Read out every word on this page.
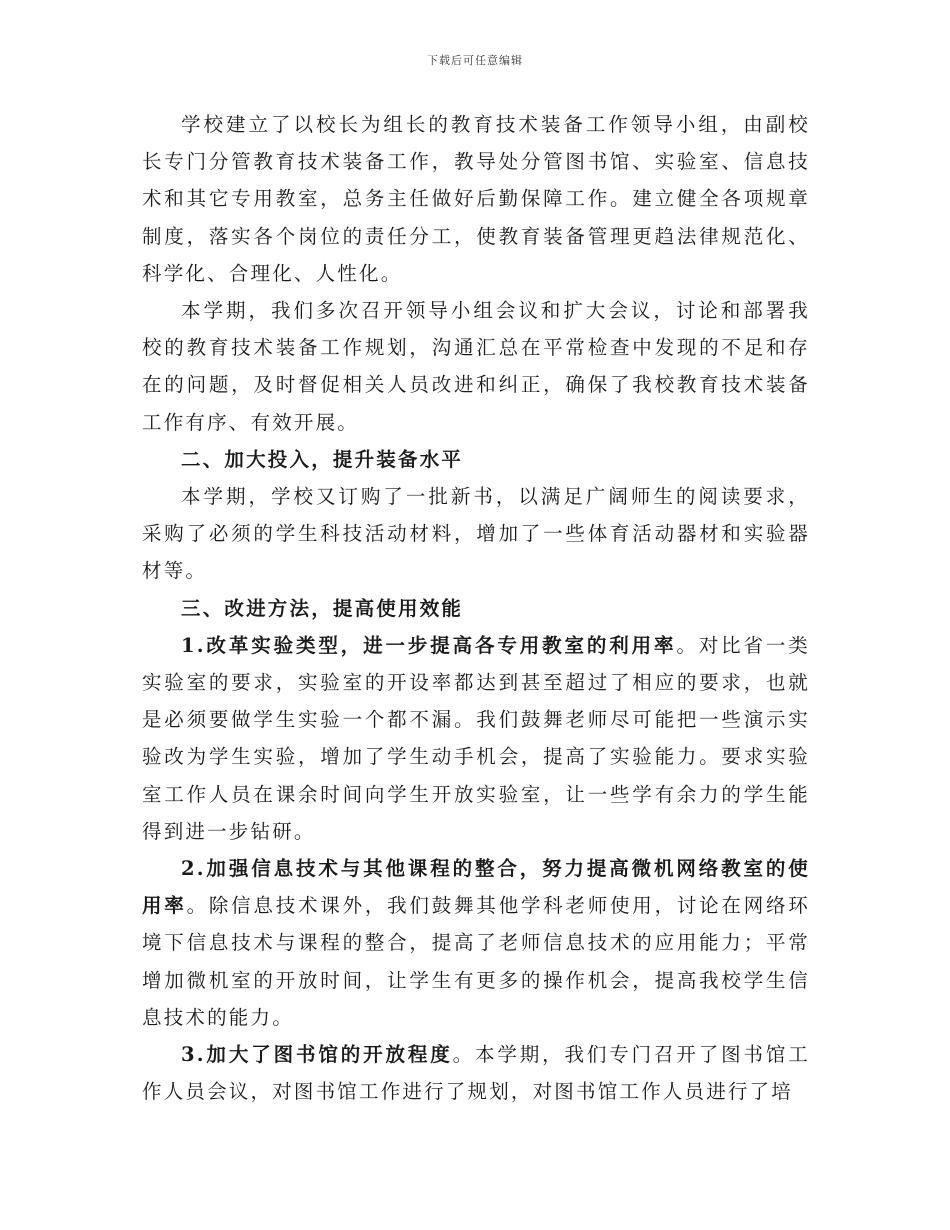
下载后可任意编辑

学校建立了以校长为组长的教育技术装备工作领导小组，由副校长专门分管教育技术装备工作，教导处分管图书馆、实验室、信息技术和其它专用教室，总务主任做好后勤保障工作。建立健全各项规章制度，落实各个岗位的责任分工，使教育装备管理更趋法律规范化、科学化、合理化、人性化。

本学期，我们多次召开领导小组会议和扩大会议，讨论和部署我校的教育技术装备工作规划，沟通汇总在平常检查中发现的不足和存在的问题，及时督促相关人员改进和纠正，确保了我校教育技术装备工作有序、有效开展。

二、加大投入，提升装备水平

本学期，学校又订购了一批新书，以满足广阔师生的阅读要求，采购了必须的学生科技活动材料，增加了一些体育活动器材和实验器材等。

三、改进方法，提高使用效能

1.改革实验类型，进一步提高各专用教室的利用率。对比省一类实验室的要求，实验室的开设率都达到甚至超过了相应的要求，也就是必须要做学生实验一个都不漏。我们鼓舞老师尽可能把一些演示实验改为学生实验，增加了学生动手机会，提高了实验能力。要求实验室工作人员在课余时间向学生开放实验室，让一些学有余力的学生能得到进一步钻研。

2.加强信息技术与其他课程的整合，努力提高微机网络教室的使用率。除信息技术课外，我们鼓舞其他学科老师使用，讨论在网络环境下信息技术与课程的整合，提高了老师信息技术的应用能力；平常增加微机室的开放时间，让学生有更多的操作机会，提高我校学生信息技术的能力。

3.加大了图书馆的开放程度。本学期，我们专门召开了图书馆工作人员会议，对图书馆工作进行了规划，对图书馆工作人员进行了培
